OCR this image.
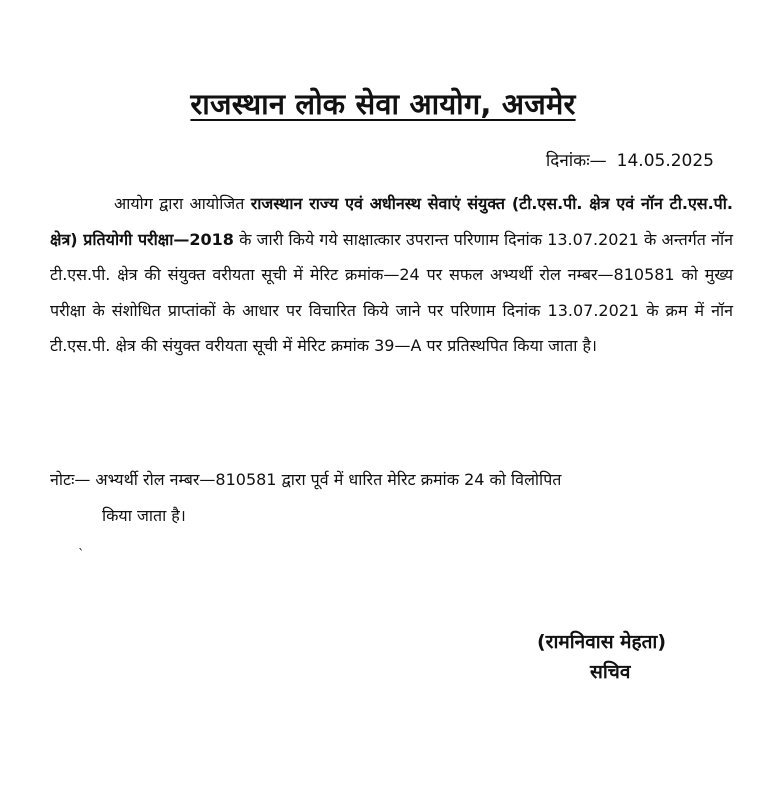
राजस्थान लोक सेवा आयोग, अजमेर
दिनांकः— 14.05.2025
आयोग द्वारा आयोजित राजस्थान राज्य एवं अधीनस्थ सेवाएं संयुक्त (टी.एस.पी. क्षेत्र एवं नॉन टी.एस.पी. क्षेत्र) प्रतियोगी परीक्षा—2018 के जारी किये गये साक्षात्कार उपरान्त परिणाम दिनांक 13.07.2021 के अन्तर्गत नॉन टी.एस.पी. क्षेत्र की संयुक्त वरीयता सूची में मेरिट क्रमांक—24 पर सफल अभ्यर्थी रोल नम्बर—810581 को मुख्य परीक्षा के संशोधित प्राप्तांकों के आधार पर विचारित किये जाने पर परिणाम दिनांक 13.07.2021 के क्रम में नॉन टी.एस.पी. क्षेत्र की संयुक्त वरीयता सूची में मेरिट क्रमांक 39—A पर प्रतिस्थपित किया जाता है।
नोटः— अभ्यर्थी रोल नम्बर—810581 द्वारा पूर्व में धारित मेरिट क्रमांक 24 को विलोपित
किया जाता है।
`
(रामनिवास मेहता)
सचिव
